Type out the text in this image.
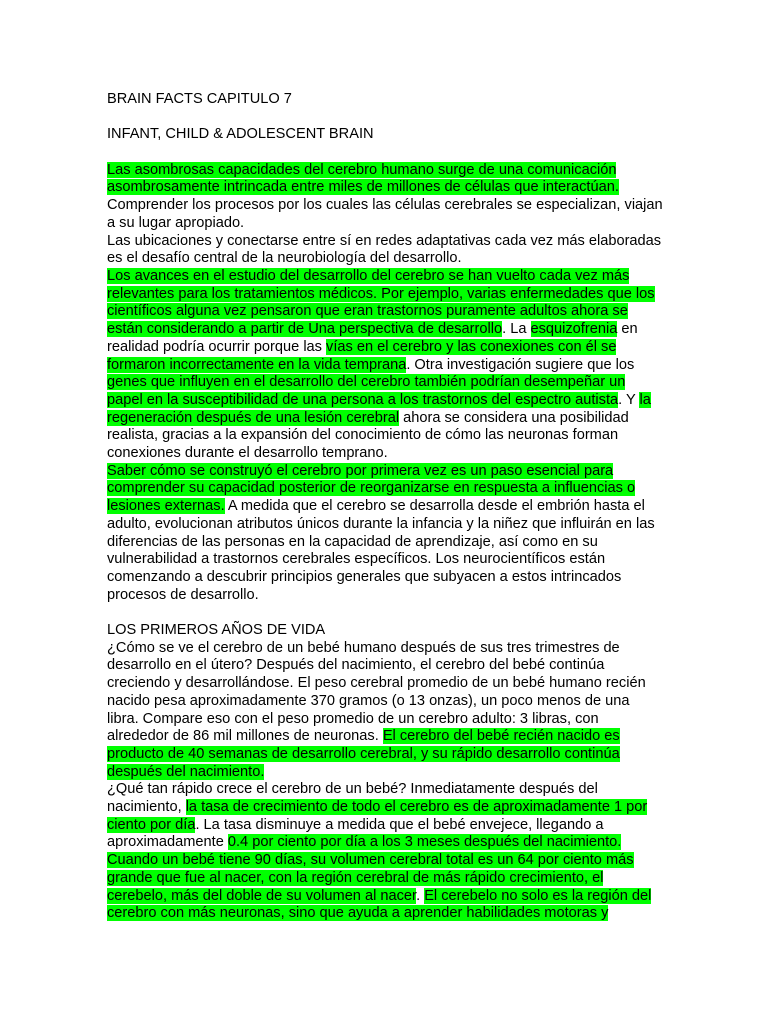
BRAIN FACTS CAPITULO 7
INFANT, CHILD & ADOLESCENT BRAIN

Las asombrosas capacidades del cerebro humano surge de una comunicación asombrosamente intrincada entre miles de millones de células que interactúan. Comprender los procesos por los cuales las células cerebrales se especializan, viajan a su lugar apropiado.

Las ubicaciones y conectarse entre sí en redes adaptativas cada vez más elaboradas es el desafío central de la neurobiología del desarrollo.

Los avances en el estudio del desarrollo del cerebro se han vuelto cada vez más relevantes para los tratamientos médicos. Por ejemplo, varias enfermedades que los científicos alguna vez pensaron que eran trastornos puramente adultos ahora se están considerando a partir de Una perspectiva de desarrollo. La esquizofrenia en realidad podría ocurrir porque las vías en el cerebro y las conexiones con él se formaron incorrectamente en la vida temprana. Otra investigación sugiere que los genes que influyen en el desarrollo del cerebro también podrían desempeñar un papel en la susceptibilidad de una persona a los trastornos del espectro autista. Y la regeneración después de una lesión cerebral ahora se considera una posibilidad realista, gracias a la expansión del conocimiento de cómo las neuronas forman conexiones durante el desarrollo temprano.

Saber cómo se construyó el cerebro por primera vez es un paso esencial para comprender su capacidad posterior de reorganizarse en respuesta a influencias o lesiones externas. A medida que el cerebro se desarrolla desde el embrión hasta el adulto, evolucionan atributos únicos durante la infancia y la niñez que influirán en las diferencias de las personas en la capacidad de aprendizaje, así como en su vulnerabilidad a trastornos cerebrales específicos. Los neurocientíficos están comenzando a descubrir principios generales que subyacen a estos intrincados procesos de desarrollo.

LOS PRIMEROS AÑOS DE VIDA

¿Cómo se ve el cerebro de un bebé humano después de sus tres trimestres de desarrollo en el útero? Después del nacimiento, el cerebro del bebé continúa creciendo y desarrollándose. El peso cerebral promedio de un bebé humano recién nacido pesa aproximadamente 370 gramos (o 13 onzas), un poco menos de una libra. Compare eso con el peso promedio de un cerebro adulto: 3 libras, con alrededor de 86 mil millones de neuronas. El cerebro del bebé recién nacido es producto de 40 semanas de desarrollo cerebral, y su rápido desarrollo continúa después del nacimiento.

¿Qué tan rápido crece el cerebro de un bebé? Inmediatamente después del nacimiento, la tasa de crecimiento de todo el cerebro es de aproximadamente 1 por ciento por día. La tasa disminuye a medida que el bebé envejece, llegando a aproximadamente 0.4 por ciento por día a los 3 meses después del nacimiento. Cuando un bebé tiene 90 días, su volumen cerebral total es un 64 por ciento más grande que fue al nacer, con la región cerebral de más rápido crecimiento, el cerebelo, más del doble de su volumen al nacer. El cerebelo no solo es la región del cerebro con más neuronas, sino que ayuda a aprender habilidades motoras y
